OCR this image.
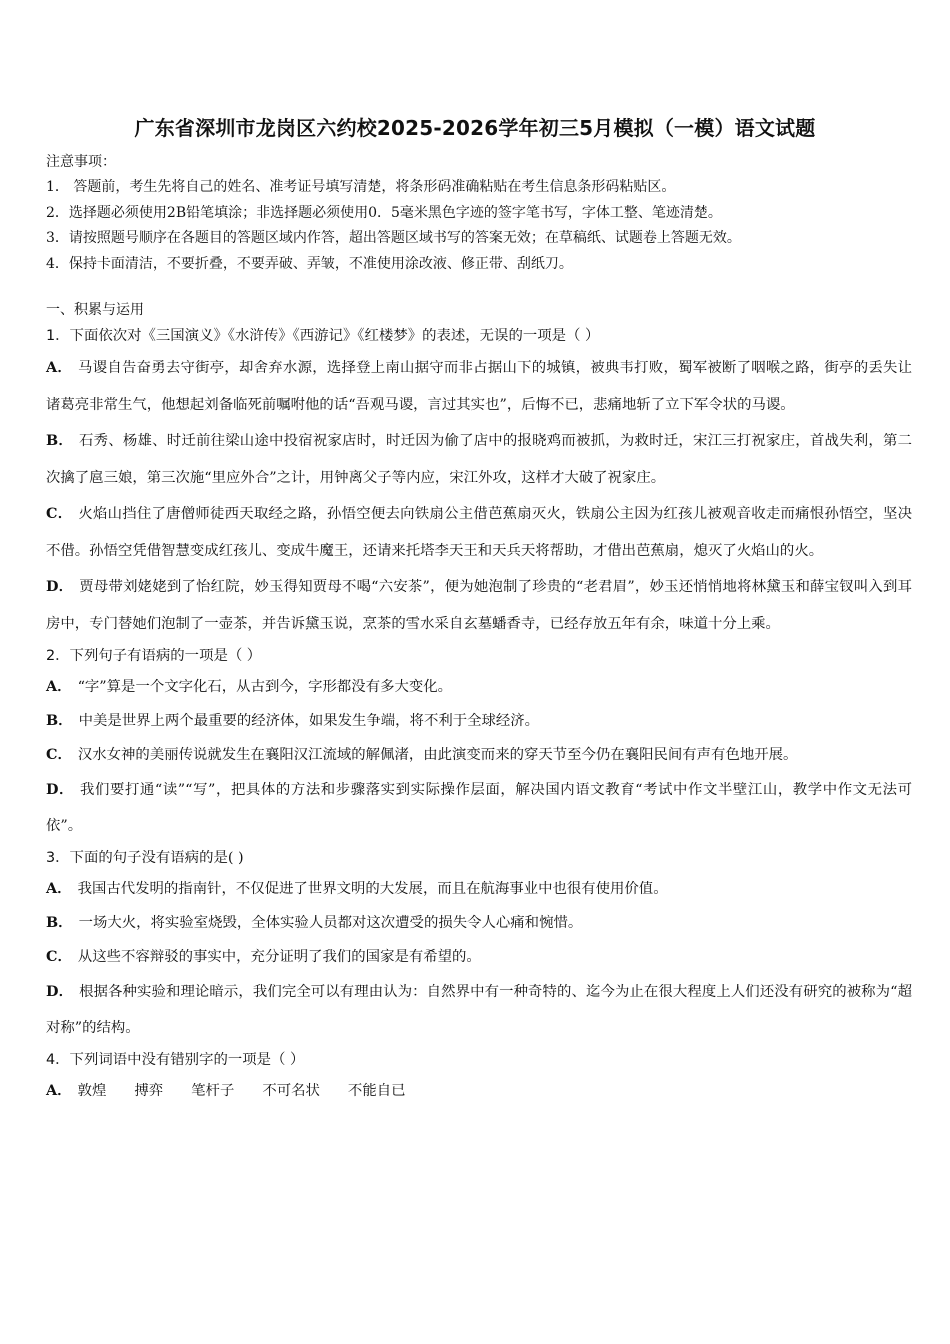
广东省深圳市龙岗区六约校2025-2026学年初三5月模拟（一模）语文试题
注意事项：
1． 答题前，考生先将自己的姓名、准考证号填写清楚，将条形码准确粘贴在考生信息条形码粘贴区。
2．选择题必须使用2B铅笔填涂；非选择题必须使用0．5毫米黑色字迹的签字笔书写，字体工整、笔迹清楚。
3．请按照题号顺序在各题目的答题区域内作答，超出答题区域书写的答案无效；在草稿纸、试题卷上答题无效。
4．保持卡面清洁，不要折叠，不要弄破、弄皱，不准使用涂改液、修正带、刮纸刀。
一、积累与运用
1．下面依次对《三国演义》《水浒传》《西游记》《红楼梦》的表述，无误的一项是（ ）
A． 马谡自告奋勇去守街亭，却舍弃水源，选择登上南山据守而非占据山下的城镇，被典韦打败，蜀军被断了咽喉之路，街亭的丢失让诸葛亮非常生气，他想起刘备临死前嘱咐他的话“吾观马谡，言过其实也”，后悔不已，悲痛地斩了立下军令状的马谡。
B． 石秀、杨雄、时迁前往梁山途中投宿祝家店时，时迁因为偷了店中的报晓鸡而被抓，为救时迁，宋江三打祝家庄，首战失利，第二次擒了扈三娘，第三次施“里应外合”之计，用钟离父子等内应，宋江外攻，这样才大破了祝家庄。
C． 火焰山挡住了唐僧师徒西天取经之路，孙悟空便去向铁扇公主借芭蕉扇灭火，铁扇公主因为红孩儿被观音收走而痛恨孙悟空，坚决不借。孙悟空凭借智慧变成红孩儿、变成牛魔王，还请来托塔李天王和天兵天将帮助，才借出芭蕉扇，熄灭了火焰山的火。
D． 贾母带刘姥姥到了怡红院，妙玉得知贾母不喝“六安茶”，便为她泡制了珍贵的“老君眉”，妙玉还悄悄地将林黛玉和薛宝钗叫入到耳房中，专门替她们泡制了一壶茶，并告诉黛玉说，烹茶的雪水采自玄墓蟠香寺，已经存放五年有余，味道十分上乘。
2．下列句子有语病的一项是（ ）
A． “字”算是一个文字化石，从古到今，字形都没有多大变化。
B． 中美是世界上两个最重要的经济体，如果发生争端，将不利于全球经济。
C． 汉水女神的美丽传说就发生在襄阳汉江流域的解佩渚，由此演变而来的穿天节至今仍在襄阳民间有声有色地开展。
D． 我们要打通“读”“写”，把具体的方法和步骤落实到实际操作层面，解决国内语文教育“考试中作文半壁江山，教学中作文无法可依”。
3．下面的句子没有语病的是( )
A． 我国古代发明的指南针，不仅促进了世界文明的大发展，而且在航海事业中也很有使用价值。
B． 一场大火，将实验室烧毁，全体实验人员都对这次遭受的损失令人心痛和惋惜。
C． 从这些不容辩驳的事实中，充分证明了我们的国家是有希望的。
D． 根据各种实验和理论暗示，我们完全可以有理由认为：自然界中有一种奇特的、迄今为止在很大程度上人们还没有研究的被称为“超对称”的结构。
4．下列词语中没有错别字的一项是（ ）
A． 敦煌 搏弈 笔杆子 不可名状 不能自已
